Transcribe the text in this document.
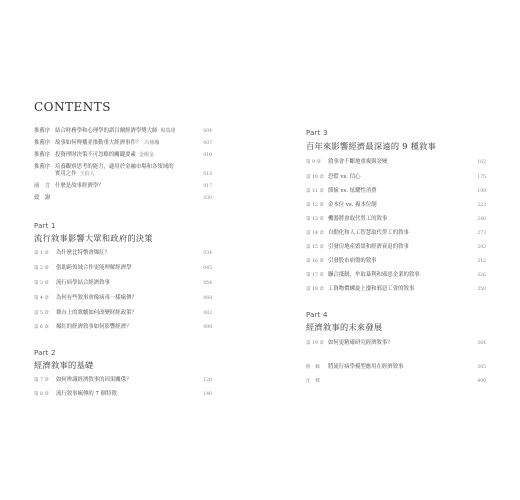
CONTENTS
推薦序 結合財務學和心理學的諾目爾經濟學獎大師 楊瑞雄	004
推薦序 故事如何傳播並推動重大經濟事件？ 冯鼎瀚	007
推薦序 投資理財決策不可忽略的關鍵要素 金楊金	010
推薦序 培養觀察思考的能力，適用於金融市場和各領域的
實用之作 王伯人	013
前　言 什麼是故事經濟學？	017
致　謝	030
Part 1
流行敘事影響大眾和政府的決策
第 1 章	為什麼比特幣會爆紅？	034
第 2 章	借助跨領域合作更能理解經濟學	045
第 3 章	流行病學結合經濟敘事	054
第 4 章	為何有些敘事會像病毒一樣瘋傳？	068
第 5 章	舞台上的歌劇如何改變財經政策？	082
第 6 章	爆紅的經濟敘事如何影響經濟？	098
Part 2
經濟敘事的基礎
第 7 章	如何辨識經濟敘事的因果關係？	120
第 8 章	流行敘事瘋傳的 7 個特徵	140
Part 3
百年來影響經濟最深遠的 9 種敘事
第 9 章	敘事會不斷地重複與突變	162
第 10 章 恐慌 vs. 信心	175
第 11 章 節儉 vs. 炫耀性消費	198
第 12 章 金本位 vs. 複本位制	223
第 13 章 機器將會取代勞工的敘事	246
第 14 章 自動化和人工智慧取代勞工的敘事	273
第 15 章 引發房地產繁榮和經濟衰退的敘事	292
第 16 章 引發股市崩盤的敘事	312
第 17 章 聯合抵制、牟取暴利和邪惡企業的敘事	326
第 18 章 工資物價螺旋上漲和邪惡工會的敘事	350
Part 4
經濟敘事的未來發展
第 19 章 如何更精確研究經濟敘事？	364
附　錄	將流行病學模型應用在經濟敘事	385
注　釋	400
